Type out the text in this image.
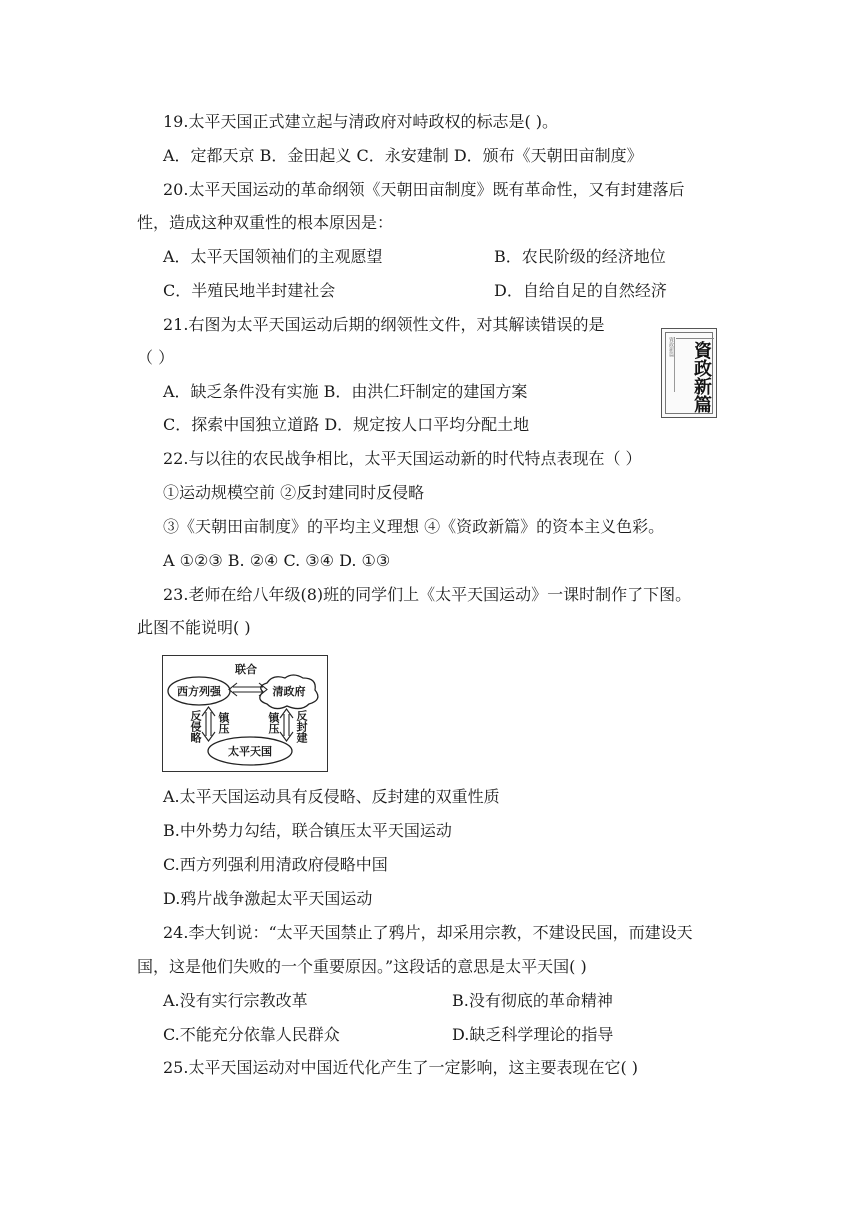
19.太平天国正式建立起与清政府对峙政权的标志是( )。
A．定都天京 B．金田起义 C．永安建制 D．颁布《天朝田亩制度》
20.太平天国运动的革命纲领《天朝田亩制度》既有革命性，又有封建落后
性，造成这种双重性的根本原因是：
A．太平天国领袖们的主观愿望	B．农民阶级的经济地位
C．半殖民地半封建社会	D．自给自足的自然经济
21.右图为太平天国运动后期的纲领性文件，对其解读错误的是
（ ）
A．缺乏条件没有实施 B．由洪仁玕制定的建国方案
C．探索中国独立道路 D．规定按人口平均分配土地
資政新篇 資政新篇
22.与以往的农民战争相比，太平天国运动新的时代特点表现在（ ）
①运动规模空前 ②反封建同时反侵略
③《天朝田亩制度》的平均主义理想 ④《资政新篇》的资本主义色彩。
A ①②③ B. ②④ C. ③④ D. ①③
23.老师在给八年级(8)班的同学们上《太平天国运动》一课时制作了下图。
此图不能说明( )
西方列强	清政府
太平天国
联合
反侵略 镇压	镇压 反封建
A.太平天国运动具有反侵略、反封建的双重性质
B.中外势力勾结，联合镇压太平天国运动
C.西方列强利用清政府侵略中国
D.鸦片战争激起太平天国运动
24.李大钊说：“太平天国禁止了鸦片，却采用宗教，不建设民国，而建设天
国，这是他们失败的一个重要原因。”这段话的意思是太平天国( )
A.没有实行宗教改革	B.没有彻底的革命精神
C.不能充分依靠人民群众	D.缺乏科学理论的指导
25.太平天国运动对中国近代化产生了一定影响，这主要表现在它( )
